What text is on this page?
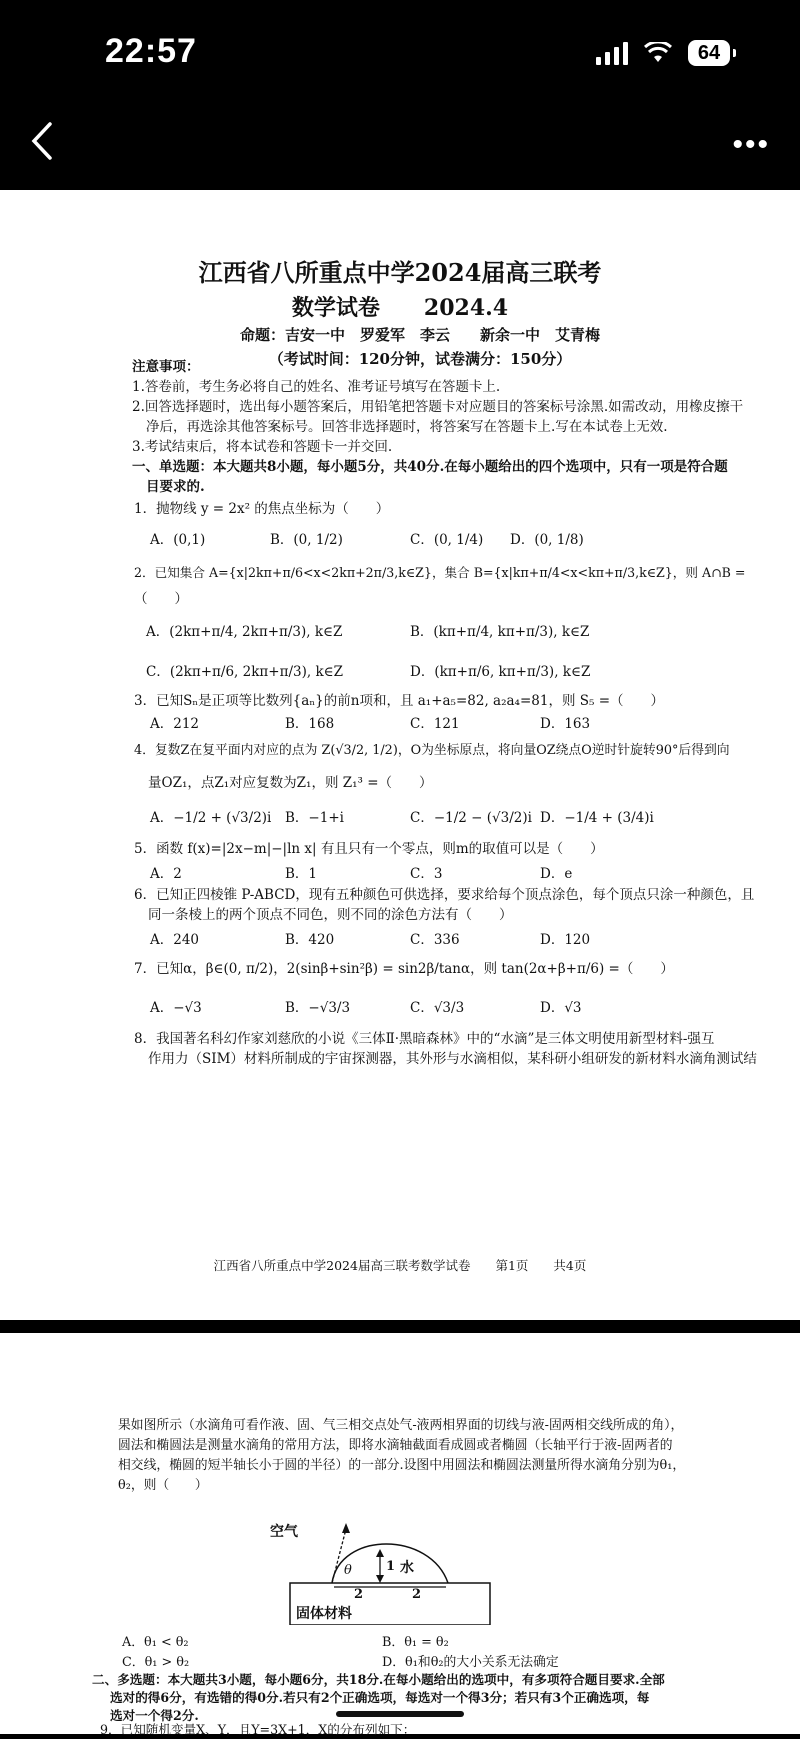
22:57	64
•••
江西省八所重点中学2024届高三联考
数学试卷　　2024.4
命题：吉安一中　罗爱军　李云　　新余一中　艾青梅
（考试时间：120分钟，试卷满分：150分）
注意事项：
1.答卷前，考生务必将自己的姓名、准考证号填写在答题卡上.
2.回答选择题时，选出每小题答案后，用铅笔把答题卡对应题目的答案标号涂黑.如需改动，用橡皮擦干
净后，再选涂其他答案标号。回答非选择题时，将答案写在答题卡上.写在本试卷上无效.
3.考试结束后，将本试卷和答题卡一并交回.
一、单选题：本大题共8小题，每小题5分，共40分.在每小题给出的四个选项中，只有一项是符合题
目要求的.
1．抛物线 y = 2x² 的焦点坐标为（　　）
A．(0,1)	B．(0, 1/2)	C．(0, 1/4) D．(0, 1/8)
2．已知集合 A={x|2kπ+π/6<x<2kπ+2π/3,k∈Z}，集合 B={x|kπ+π/4<x<kπ+π/3,k∈Z}，则 A∩B =
（　　）
A．(2kπ+π/4, 2kπ+π/3), k∈Z	B．(kπ+π/4, kπ+π/3), k∈Z
C．(2kπ+π/6, 2kπ+π/3), k∈Z	D．(kπ+π/6, kπ+π/3), k∈Z
3．已知Sₙ是正项等比数列{aₙ}的前n项和，且 a₁+a₅=82, a₂a₄=81，则 S₅ =（　　）
A．212	B．168	C．121	D．163
4．复数Z在复平面内对应的点为 Z(√3/2, 1/2)，O为坐标原点，将向量OZ绕点O逆时针旋转90°后得到向
量OZ₁，点Z₁对应复数为Z₁，则 Z₁³ =（　　）
A．−1/2 + (√3/2)i B．−1+i	C．−1/2 − (√3/2)i D．−1/4 + (3/4)i
5．函数 f(x)=|2x−m|−|ln x| 有且只有一个零点，则m的取值可以是（　　）
A．2	B．1	C．3	D．e
6．已知正四棱锥 P-ABCD，现有五种颜色可供选择，要求给每个顶点涂色，每个顶点只涂一种颜色，且
同一条棱上的两个顶点不同色，则不同的涂色方法有（　　）
A．240	B．420	C．336	D．120
7．已知α，β∈(0, π/2)，2(sinβ+sin²β) = sin2β/tanα，则 tan(2α+β+π/6) =（　　）
A．−√3	B．−√3/3	C．√3/3	D．√3
8．我国著名科幻作家刘慈欣的小说《三体Ⅱ·黑暗森林》中的“水滴”是三体文明使用新型材料-强互
作用力（SIM）材料所制成的宇宙探测器，其外形与水滴相似，某科研小组研发的新材料水滴角测试结
江西省八所重点中学2024届高三联考数学试卷　　第1页　　共4页
果如图所示（水滴角可看作液、固、气三相交点处气-液两相界面的切线与液-固两相交线所成的角），
圆法和椭圆法是测量水滴角的常用方法，即将水滴轴截面看成圆或者椭圆（长轴平行于液-固两者的
相交线，椭圆的短半轴长小于圆的半径）的一部分.设图中用圆法和椭圆法测量所得水滴角分别为θ₁，
θ₂，则（　　）
空气
水
固体材料
θ	1
2	2
A．θ₁ < θ₂	B．θ₁ = θ₂
C．θ₁ > θ₂	D．θ₁和θ₂的大小关系无法确定
二、多选题：本大题共3小题，每小题6分，共18分.在每小题给出的选项中，有多项符合题目要求.全部
选对的得6分，有选错的得0分.若只有2个正确选项，每选对一个得3分；若只有3个正确选项，每
选对一个得2分.
9．已知随机变量X、Y，且Y=3X+1，X的分布列如下：
